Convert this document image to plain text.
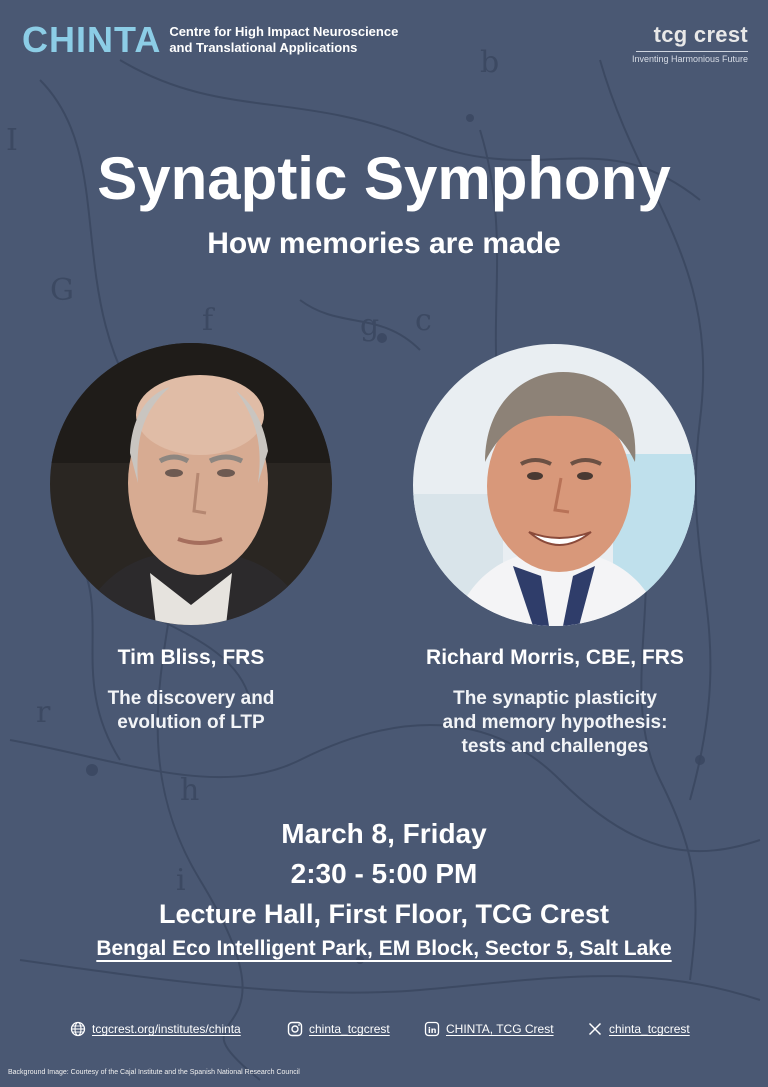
b
I
G
f	g c
r
h
i
CHINTA Centre for High Impact Neuroscience
and Translational Applications
tcg crest
Inventing Harmonious Future
Synaptic Symphony
How memories are made
Tim Bliss, FRS
The discovery and
evolution of LTP
Richard Morris, CBE, FRS
The synaptic plasticity
and memory hypothesis:
tests and challenges
March 8, Friday
2:30 - 5:00 PM
Lecture Hall, First Floor, TCG Crest
Bengal Eco Intelligent Park, EM Block, Sector 5, Salt Lake
tcgcrest.org/institutes/chinta	chinta_tcgcrest	in CHINTA, TCG Crest	chinta_tcgcrest
Background Image: Courtesy of the Cajal Institute and the Spanish National Research Council
